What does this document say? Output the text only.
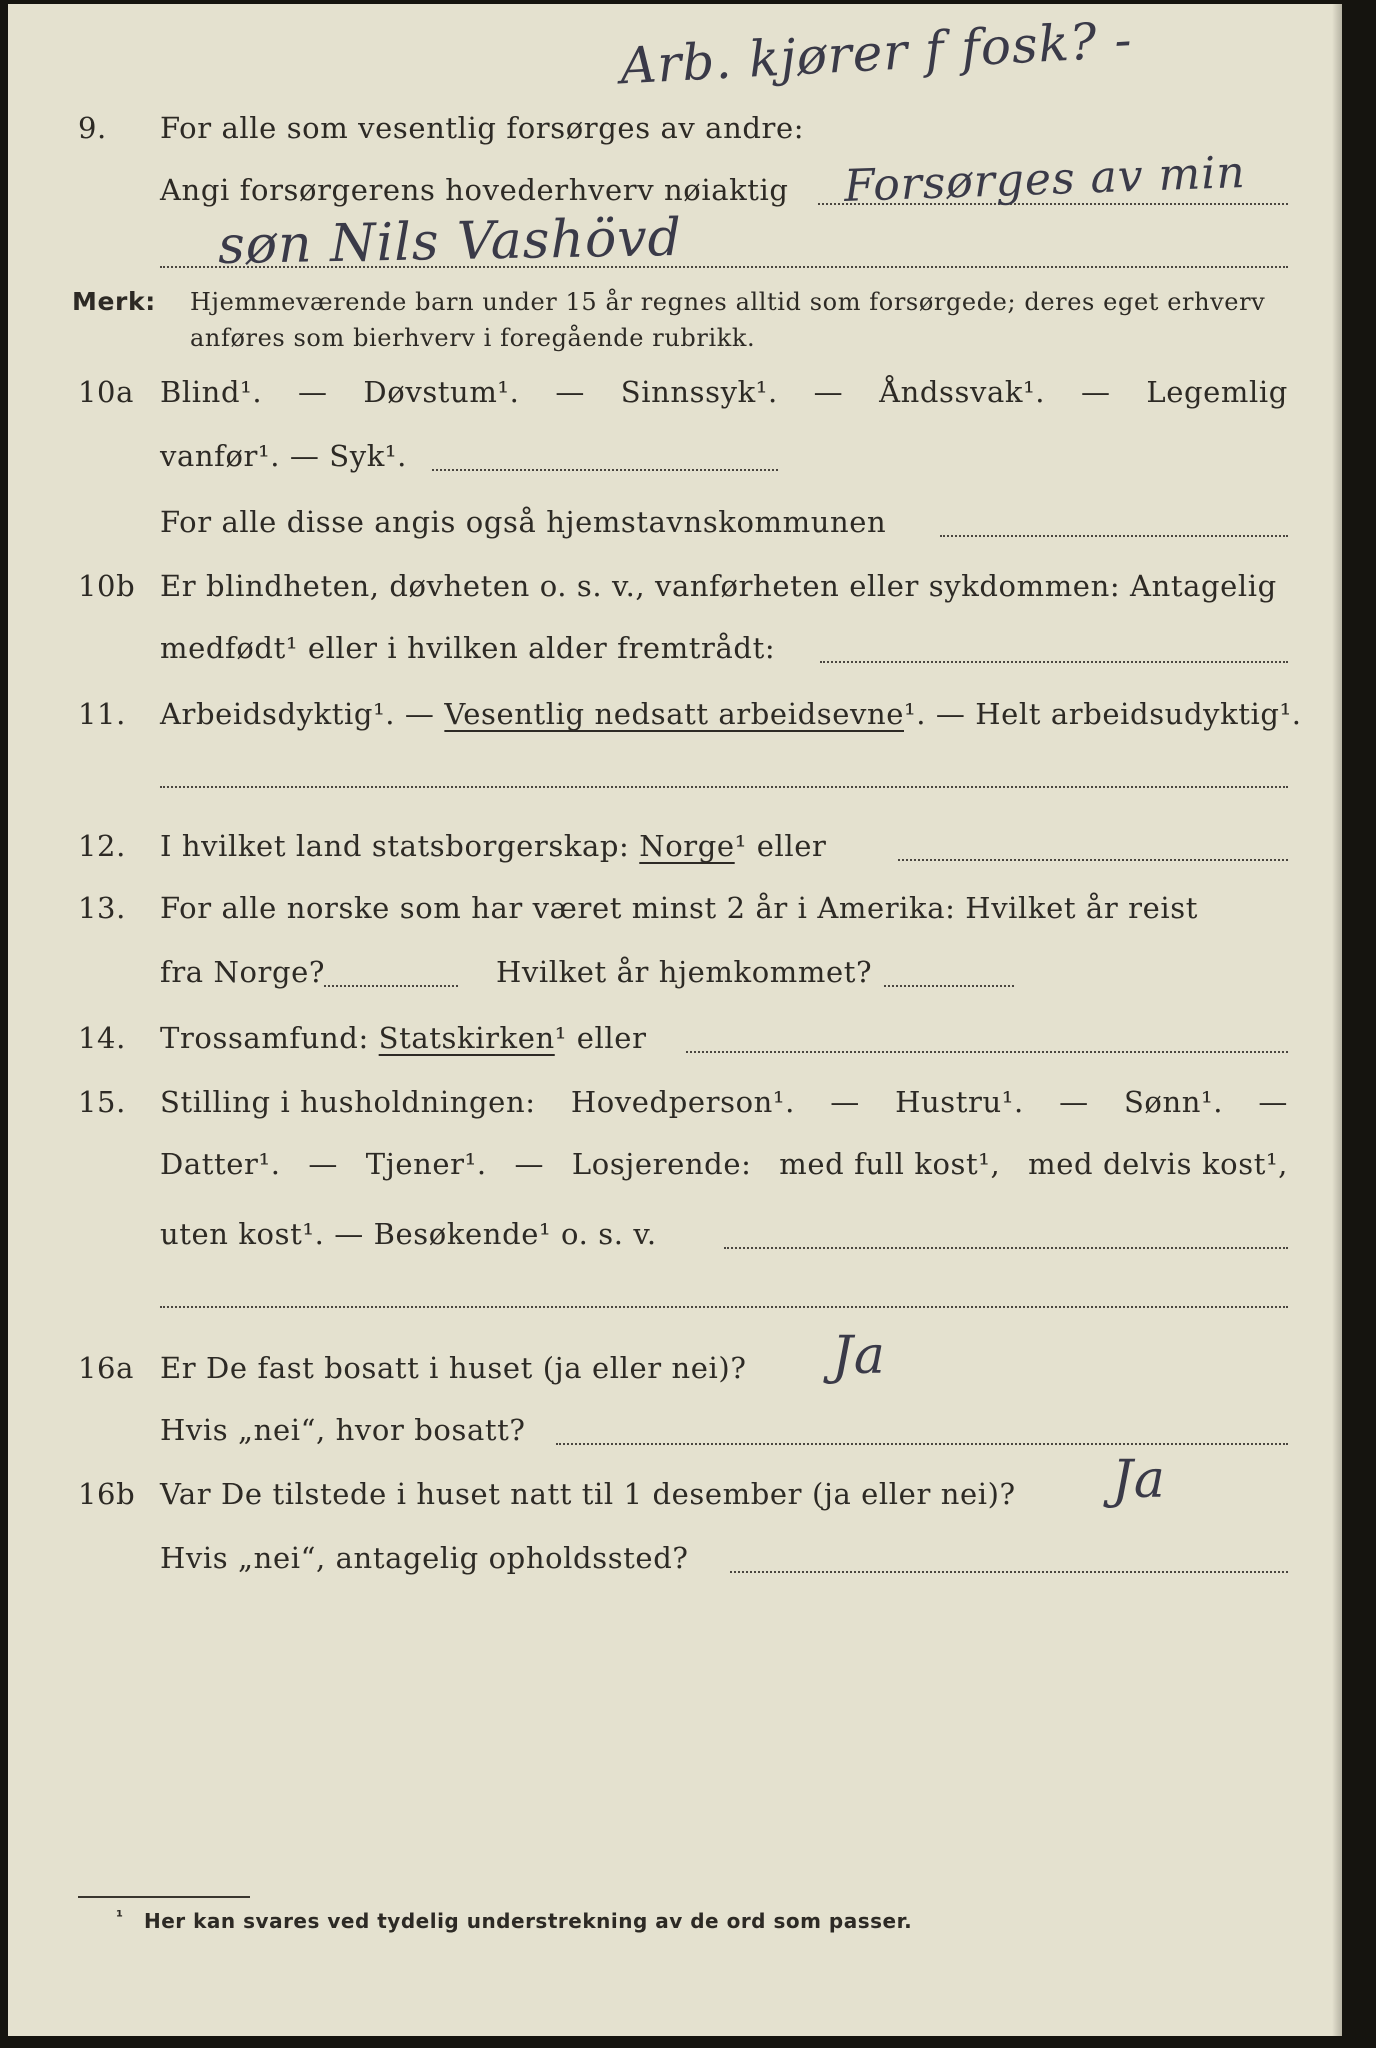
Arb. kjører f fosk? -
9. For alle som vesentlig forsørges av andre:
Angi forsørgerens hovederhverv nøiaktig Forsørges av min
søn Nils Vashövd
Merk: Hjemmeværende barn under 15 år regnes alltid som forsørgede; deres eget erhverv
anføres som bierhverv i foregående rubrikk.
10a Blind¹. — Døvstum¹. — Sinnssyk¹. — Åndssvak¹. — Legemlig
vanfør¹. — Syk¹.
For alle disse angis også hjemstavnskommunen
10b Er blindheten, døvheten o. s. v., vanførheten eller sykdommen: Antagelig
medfødt¹ eller i hvilken alder fremtrådt:
11. Arbeidsdyktig¹. — Vesentlig nedsatt arbeidsevne¹. — Helt arbeidsudyktig¹.
12. I hvilket land statsborgerskap: Norge¹ eller
13. For alle norske som har været minst 2 år i Amerika: Hvilket år reist
fra Norge?	Hvilket år hjemkommet?
14. Trossamfund: Statskirken¹ eller
15. Stilling i husholdningen: Hovedperson¹. — Hustru¹. — Sønn¹. —
Datter¹. — Tjener¹. — Losjerende: med full kost¹, med delvis kost¹,
uten kost¹. — Besøkende¹ o. s. v.
16a Er De fast bosatt i huset (ja eller nei)? Ja
Hvis „nei“, hvor bosatt?
16b Var De tilstede i huset natt til 1 desember (ja eller nei)? Ja
Hvis „nei“, antagelig opholdssted?
¹ Her kan svares ved tydelig understrekning av de ord som passer.
